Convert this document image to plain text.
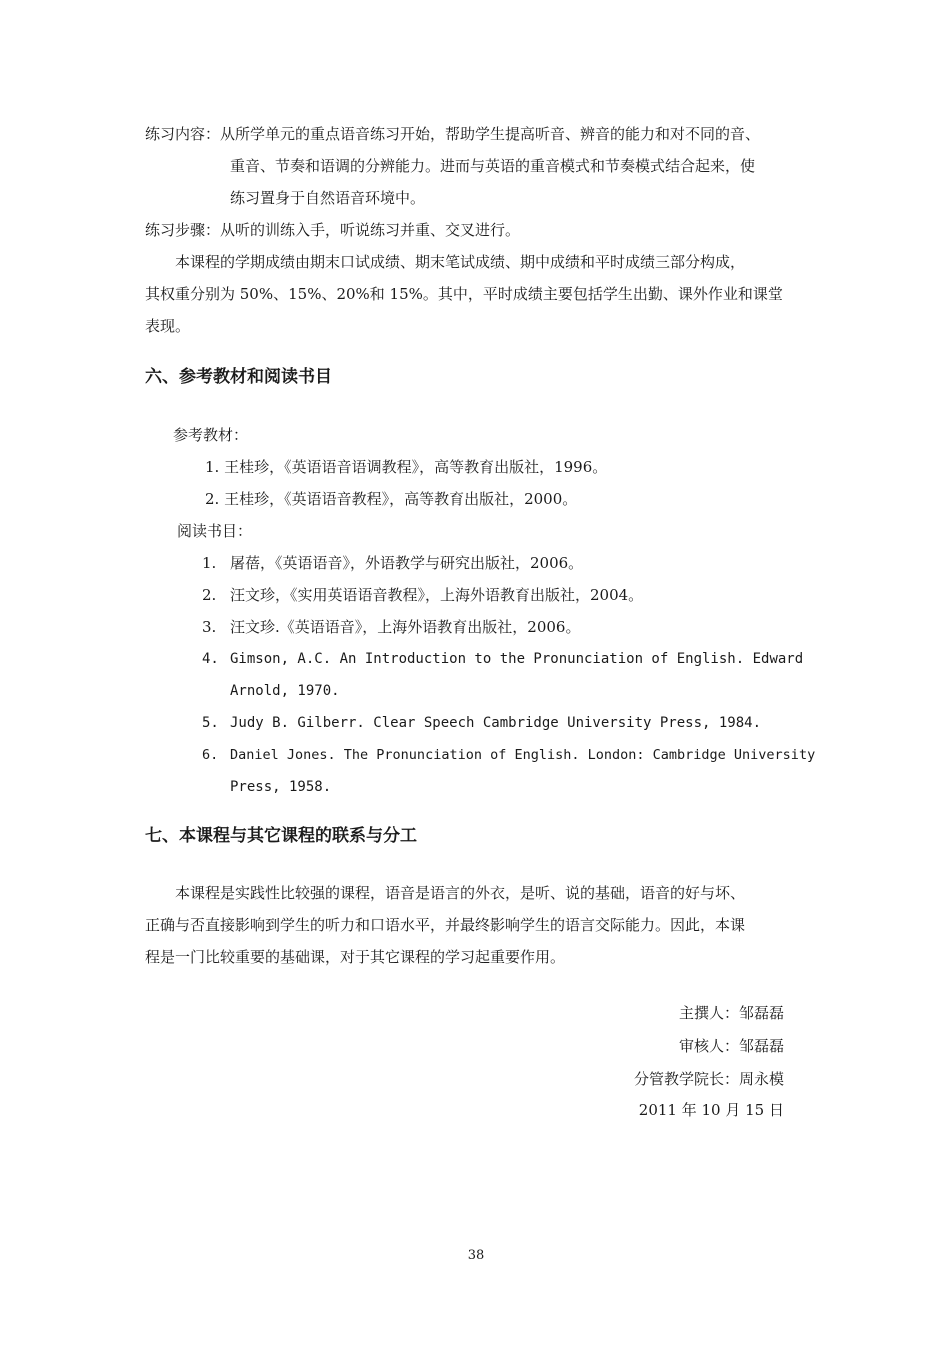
练习内容：从所学单元的重点语音练习开始，帮助学生提高听音、辨音的能力和对不同的音、
重音、节奏和语调的分辨能力。进而与英语的重音模式和节奏模式结合起来，使
练习置身于自然语音环境中。
练习步骤：从听的训练入手，听说练习并重、交叉进行。
本课程的学期成绩由期末口试成绩、期末笔试成绩、期中成绩和平时成绩三部分构成，
其权重分别为 50%、15%、20%和 15%。其中，平时成绩主要包括学生出勤、课外作业和课堂
表现。
六、参考教材和阅读书目
参考教材：
1. 王桂珍，《英语语音语调教程》，高等教育出版社，1996。
2. 王桂珍，《英语语音教程》，高等教育出版社，2000。
阅读书目：
1. 屠蓓，《英语语音》，外语教学与研究出版社，2006。
2. 汪文珍，《实用英语语音教程》，上海外语教育出版社，2004。
3. 汪文珍.《英语语音》，上海外语教育出版社，2006。
4. Gimson, A.C. An Introduction to the Pronunciation of English. Edward
Arnold, 1970.
5. Judy B. Gilberr. Clear Speech Cambridge University Press, 1984.
6. Daniel Jones. The Pronunciation of English. London: Cambridge University
Press, 1958.
七、本课程与其它课程的联系与分工
本课程是实践性比较强的课程，语音是语言的外衣，是听、说的基础，语音的好与坏、
正确与否直接影响到学生的听力和口语水平，并最终影响学生的语言交际能力。因此，本课
程是一门比较重要的基础课，对于其它课程的学习起重要作用。
主撰人：邹磊磊
审核人：邹磊磊
分管教学院长：周永模
2011 年 10 月 15 日
38
